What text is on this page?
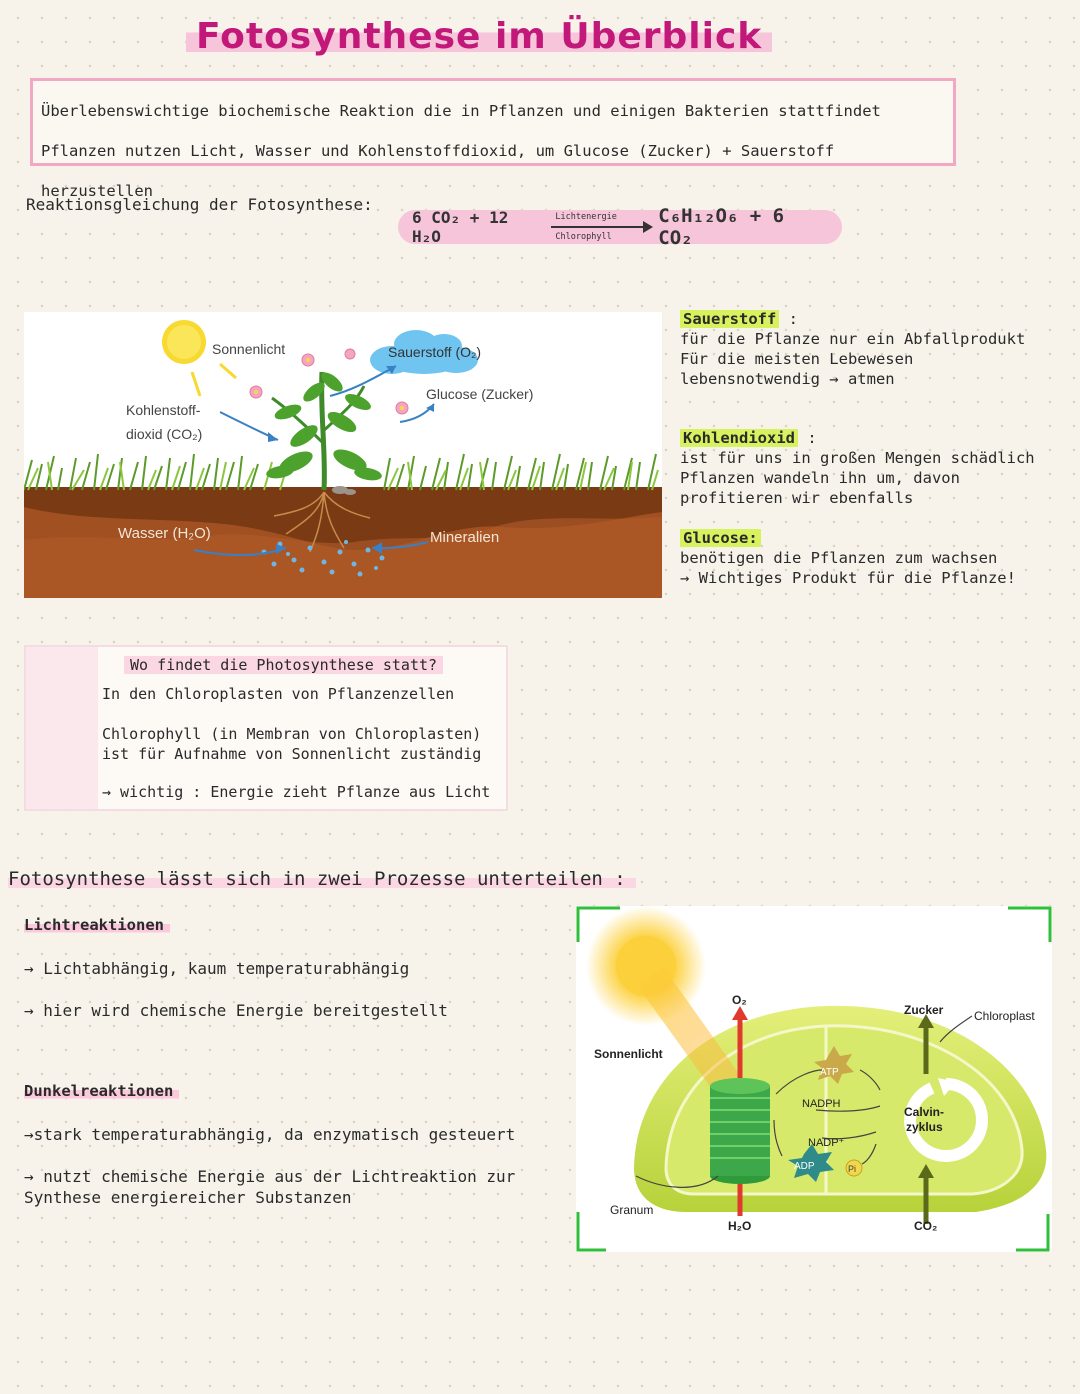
Fotosynthese im Überblick

Überlebenswichtige biochemische Reaktion die in Pflanzen und einigen Bakterien stattfindet

Pflanzen nutzen Licht, Wasser und Kohlenstoffdioxid, um Glucose (Zucker) + Sauerstoff herzustellen

Reaktionsgleichung der Fotosynthese:
6 CO₂ + 12 H₂O
Lichtenergie
Chlorophyll
C₆H₁₂O₆ + 6 CO₂
Sonnenlicht	Sauerstoff (O₂)
Glucose (Zucker)
Kohlenstoff-
dioxid (CO₂)
Wasser (H₂O)	Mineralien
Sauerstoff :
für die Pflanze nur ein Abfallprodukt
Für die meisten Lebewesen
lebensnotwendig → atmen
Kohlendioxid :
ist für uns in großen Mengen schädlich
Pflanzen wandeln ihn um, davon
profitieren wir ebenfalls
Glucose:
benötigen die Pflanzen zum wachsen
→ Wichtiges Produkt für die Pflanze!
Wo findet die Photosynthese statt?

In den Chloroplasten von Pflanzenzellen

Chlorophyll (in Membran von Chloroplasten)

ist für Aufnahme von Sonnenlicht zuständig

→ wichtig : Energie zieht Pflanze aus Licht

Fotosynthese lässt sich in zwei Prozesse unterteilen :
Lichtreaktionen
→ Lichtabhängig, kaum temperaturabhängig
→ hier wird chemische Energie bereitgestellt
Dunkelreaktionen
→stark temperaturabhängig, da enzymatisch gesteuert
→ nutzt chemische Energie aus der Lichtreaktion zur
Synthese energiereicher Substanzen
Sonnenlicht
O₂
Zucker	Chloroplast
ATP
NADPH
NADP⁺
ADP	Pi
Calvin-
zyklus
Granum
H₂O	CO₂
